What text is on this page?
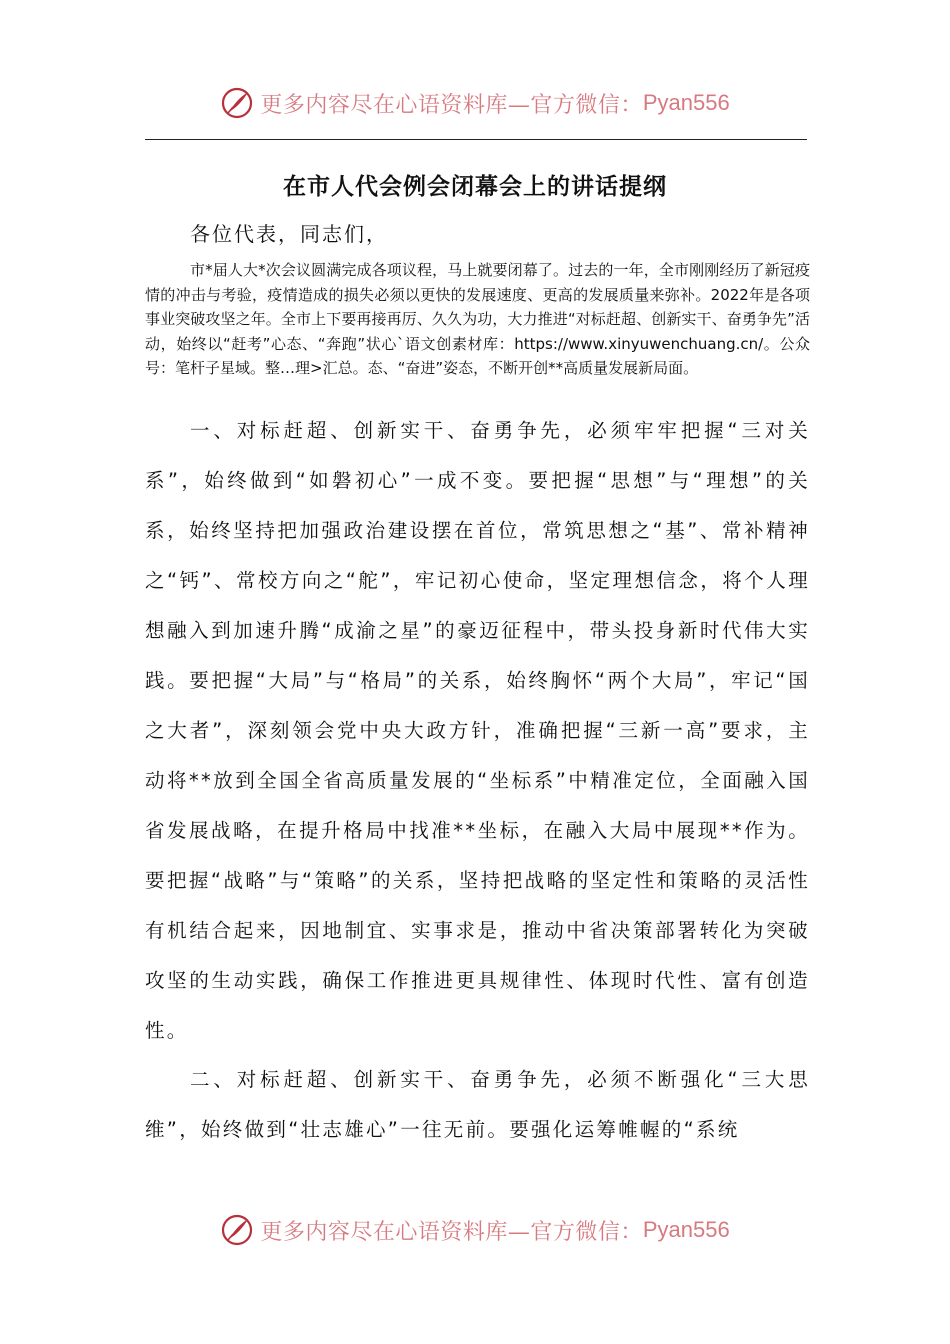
更多内容尽在心语资料库—官方微信： Pyan556
在市人代会例会闭幕会上的讲话提纲
各位代表，同志们，
市*届人大*次会议圆满完成各项议程，马上就要闭幕了。过去的一年，全市刚刚经历了新冠疫情的冲击与考验，疫情造成的损失必须以更快的发展速度、更高的发展质量来弥补。2022年是各项事业突破攻坚之年。全市上下要再接再厉、久久为功，大力推进“对标赶超、创新实干、奋勇争先”活动，始终以“赶考”心态、“奔跑”状心`语文创素材库：https://www.xinyuwenchuang.cn/。公众号：笔杆子星域。整…理>汇总。态、“奋进”姿态，不断开创**高质量发展新局面。
一、对标赶超、创新实干、奋勇争先，必须牢牢把握“三对关系”，始终做到“如磐初心”一成不变。要把握“思想”与“理想”的关系，始终坚持把加强政治建设摆在首位，常筑思想之“基”、常补精神之“钙”、常校方向之“舵”，牢记初心使命，坚定理想信念，将个人理想融入到加速升腾“成渝之星”的豪迈征程中，带头投身新时代伟大实践。要把握“大局”与“格局”的关系，始终胸怀“两个大局”，牢记“国之大者”，深刻领会党中央大政方针，准确把握“三新一高”要求，主动将**放到全国全省高质量发展的“坐标系”中精准定位，全面融入国省发展战略，在提升格局中找准**坐标，在融入大局中展现**作为。要把握“战略”与“策略”的关系，坚持把战略的坚定性和策略的灵活性有机结合起来，因地制宜、实事求是，推动中省决策部署转化为突破攻坚的生动实践，确保工作推进更具规律性、体现时代性、富有创造性。
二、对标赶超、创新实干、奋勇争先，必须不断强化“三大思维”，始终做到“壮志雄心”一往无前。要强化运筹帷幄的“系统
更多内容尽在心语资料库—官方微信： Pyan556
